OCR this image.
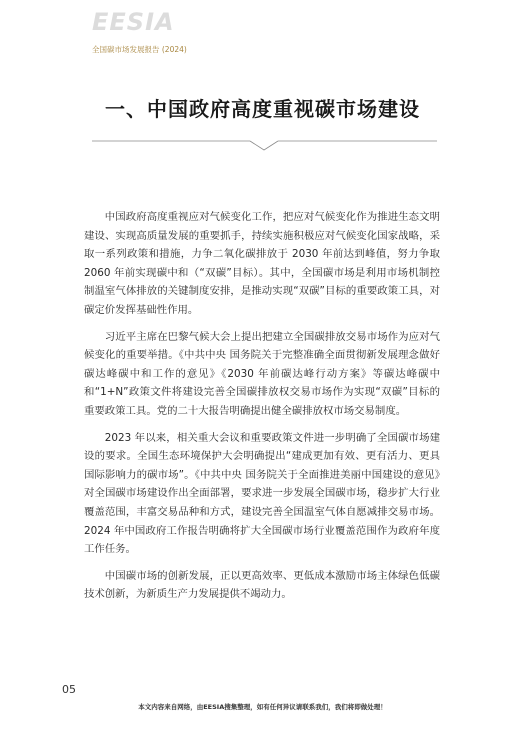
EESIA
全国碳市场发展报告 (2024)
一、中国政府高度重视碳市场建设

中国政府高度重视应对气候变化工作，把应对气候变化作为推进生态文明建设、实现高质量发展的重要抓手，持续实施积极应对气候变化国家战略，采取一系列政策和措施，力争二氧化碳排放于 2030 年前达到峰值，努力争取 2060 年前实现碳中和（“双碳”目标）。其中，全国碳市场是利用市场机制控制温室气体排放的关键制度安排，是推动实现“双碳”目标的重要政策工具，对碳定价发挥基础性作用。

习近平主席在巴黎气候大会上提出把建立全国碳排放交易市场作为应对气候变化的重要举措。《中共中央 国务院关于完整准确全面贯彻新发展理念做好碳达峰碳中和工作的意见》《2030 年前碳达峰行动方案》等碳达峰碳中和“1+N”政策文件将建设完善全国碳排放权交易市场作为实现“双碳”目标的重要政策工具。党的二十大报告明确提出健全碳排放权市场交易制度。

2023 年以来，相关重大会议和重要政策文件进一步明确了全国碳市场建设的要求。全国生态环境保护大会明确提出“建成更加有效、更有活力、更具国际影响力的碳市场”。《中共中央 国务院关于全面推进美丽中国建设的意见》对全国碳市场建设作出全面部署，要求进一步发展全国碳市场，稳步扩大行业覆盖范围，丰富交易品种和方式，建设完善全国温室气体自愿减排交易市场。2024 年中国政府工作报告明确将扩大全国碳市场行业覆盖范围作为政府年度工作任务。

中国碳市场的创新发展，正以更高效率、更低成本激励市场主体绿色低碳技术创新，为新质生产力发展提供不竭动力。

05
本文内容来自网络，由EESIA搜集整理，如有任何异议请联系我们，我们将即做处理！
